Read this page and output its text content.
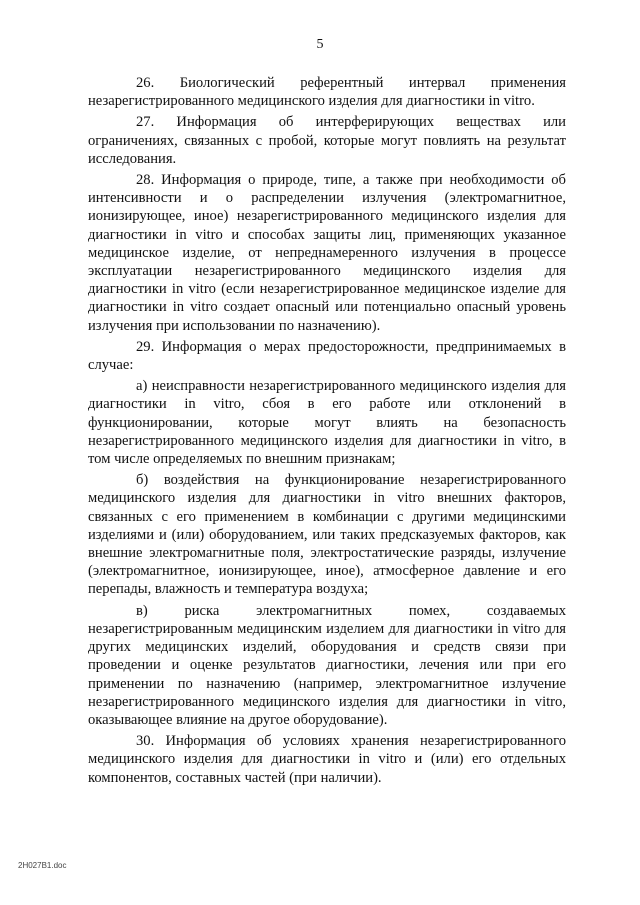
5

26. Биологический референтный интервал применения незарегистрированного медицинского изделия для диагностики in vitro.

27. Информация об интерферирующих веществах или ограничениях, связанных с пробой, которые могут повлиять на результат исследования.

28. Информация о природе, типе, а также при необходимости об интенсивности и о распределении излучения (электромагнитное, ионизирующее, иное) незарегистрированного медицинского изделия для диагностики in vitro и способах защиты лиц, применяющих указанное медицинское изделие, от непреднамеренного излучения в процессе эксплуатации незарегистрированного медицинского изделия для диагностики in vitro (если незарегистрированное медицинское изделие для диагностики in vitro создает опасный или потенциально опасный уровень излучения при использовании по назначению).

29. Информация о мерах предосторожности, предпринимаемых в случае:

а) неисправности незарегистрированного медицинского изделия для диагностики in vitro, сбоя в его работе или отклонений в функционировании, которые могут влиять на безопасность незарегистрированного медицинского изделия для диагностики in vitro, в том числе определяемых по внешним признакам;

б) воздействия на функционирование незарегистрированного медицинского изделия для диагностики in vitro внешних факторов, связанных с его применением в комбинации с другими медицинскими изделиями и (или) оборудованием, или таких предсказуемых факторов, как внешние электромагнитные поля, электростатические разряды, излучение (электромагнитное, ионизирующее, иное), атмосферное давление и его перепады, влажность и температура воздуха;

в) риска электромагнитных помех, создаваемых незарегистрированным медицинским изделием для диагностики in vitro для других медицинских изделий, оборудования и средств связи при проведении и оценке результатов диагностики, лечения или при его применении по назначению (например, электромагнитное излучение незарегистрированного медицинского изделия для диагностики in vitro, оказывающее влияние на другое оборудование).

30. Информация об условиях хранения незарегистрированного медицинского изделия для диагностики in vitro и (или) его отдельных компонентов, составных частей (при наличии).

2H027B1.doc
